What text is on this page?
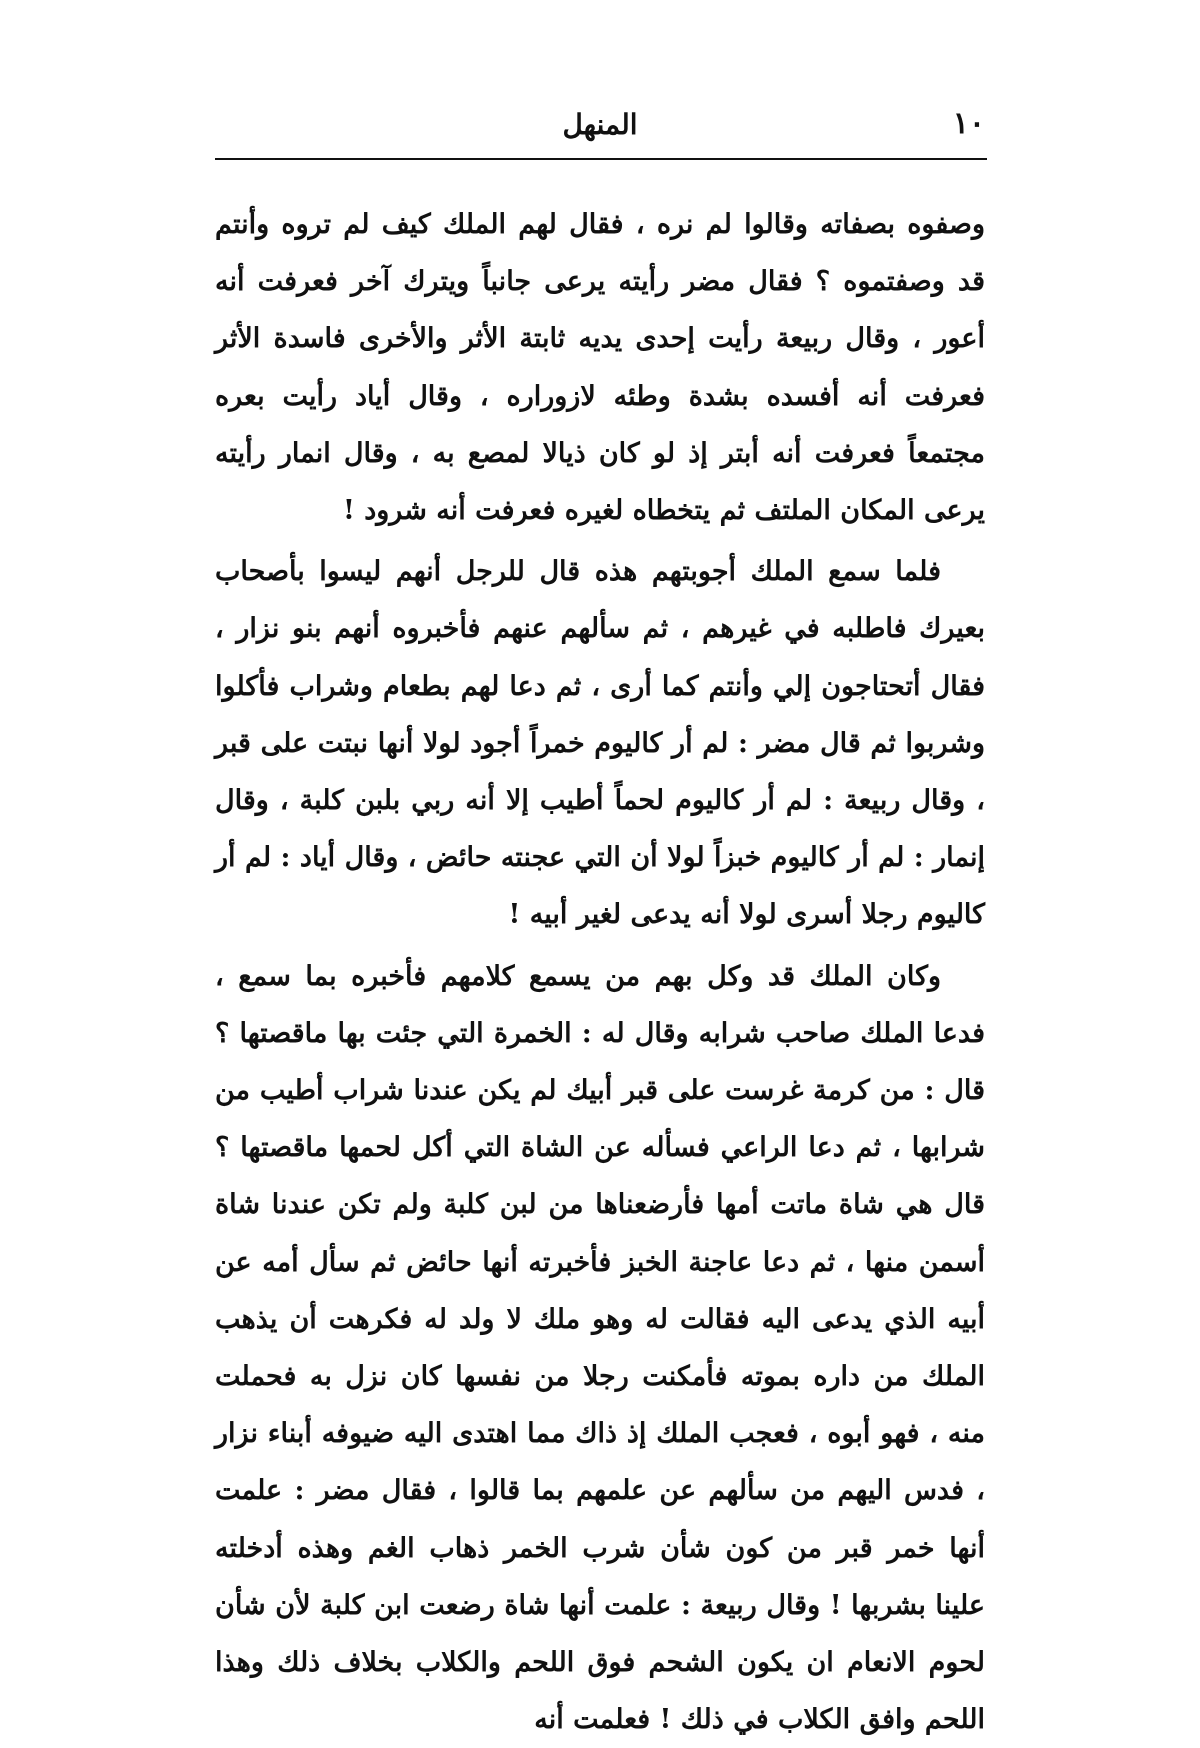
١٠
المنهل

وصفوه بصفاته وقالوا لم نره ، فقال لهم الملك كيف لم تروه وأنتم قد وصفتموه ؟ فقال مضر رأيته يرعى جانباً ويترك آخر فعرفت أنه أعور ، وقال ربيعة رأيت إحدى يديه ثابتة الأثر والأخرى فاسدة الأثر فعرفت أنه أفسده بشدة وطئه لازوراره ، وقال أياد رأيت بعره مجتمعاً فعرفت أنه أبتر إذ لو كان ذيالا لمصع به ، وقال انمار رأيته يرعى المكان الملتف ثم يتخطاه لغيره فعرفت أنه شرود !

فلما سمع الملك أجوبتهم هذه قال للرجل أنهم ليسوا بأصحاب بعيرك فاطلبه في غيرهم ، ثم سألهم عنهم فأخبروه أنهم بنو نزار ، فقال أتحتاجون إلي وأنتم كما أرى ، ثم دعا لهم بطعام وشراب فأكلوا وشربوا ثم قال مضر : لم أر كاليوم خمراً أجود لولا أنها نبتت على قبر ، وقال ربيعة : لم أر كاليوم لحماً أطيب إلا أنه ربي بلبن كلبة ، وقال إنمار : لم أر كاليوم خبزاً لولا أن التي عجنته حائض ، وقال أياد : لم أر كاليوم رجلا أسرى لولا أنه يدعى لغير أبيه !

وكان الملك قد وكل بهم من يسمع كلامهم فأخبره بما سمع ، فدعا الملك صاحب شرابه وقال له : الخمرة التي جئت بها ماقصتها ؟ قال : من كرمة غرست على قبر أبيك لم يكن عندنا شراب أطيب من شرابها ، ثم دعا الراعي فسأله عن الشاة التي أكل لحمها ماقصتها ؟ قال هي شاة ماتت أمها فأرضعناها من لبن كلبة ولم تكن عندنا شاة أسمن منها ، ثم دعا عاجنة الخبز فأخبرته أنها حائض ثم سأل أمه عن أبيه الذي يدعى اليه فقالت له وهو ملك لا ولد له فكرهت أن يذهب الملك من داره بموته فأمكنت رجلا من نفسها كان نزل به فحملت منه ، فهو أبوه ، فعجب الملك إذ ذاك مما اهتدى اليه ضيوفه أبناء نزار ، فدس اليهم من سألهم عن علمهم بما قالوا ، فقال مضر : علمت أنها خمر قبر من كون شأن شرب الخمر ذهاب الغم وهذه أدخلته علينا بشربها ! وقال ربيعة : علمت أنها شاة رضعت ابن كلبة لأن شأن لحوم الانعام ان يكون الشحم فوق اللحم والكلاب بخلاف ذلك وهذا اللحم وافق الكلاب في ذلك ! فعلمت أنه
